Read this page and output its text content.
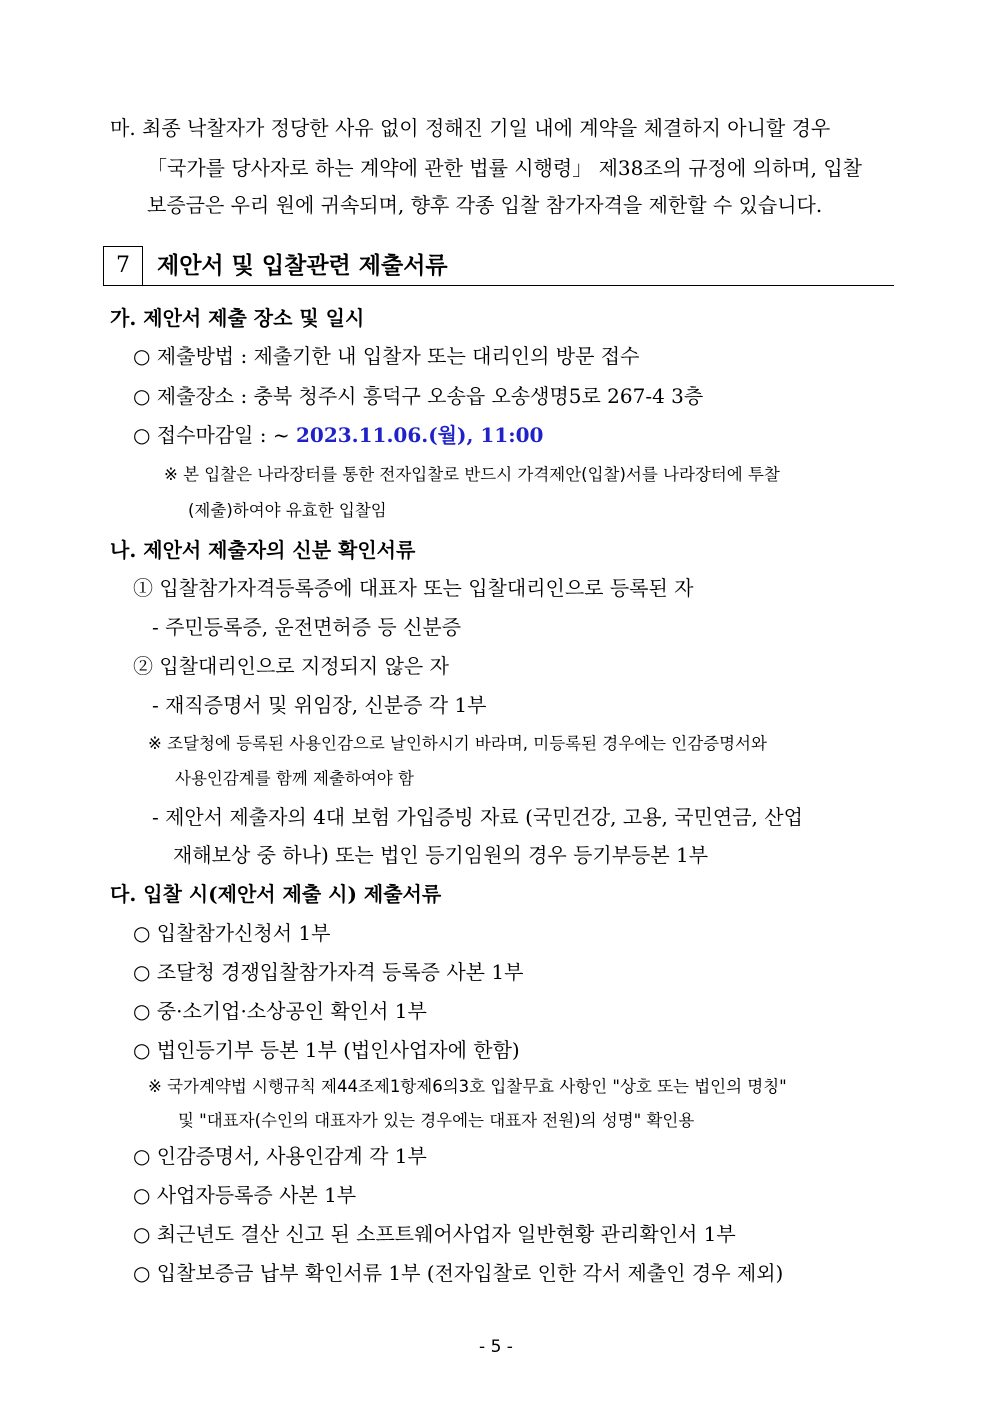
마. 최종 낙찰자가 정당한 사유 없이 정해진 기일 내에 계약을 체결하지 아니할 경우
「국가를 당사자로 하는 계약에 관한 법률 시행령」 제38조의 규정에 의하며, 입찰
보증금은 우리 원에 귀속되며, 향후 각종 입찰 참가자격을 제한할 수 있습니다.
7	제안서 및 입찰관련 제출서류
가. 제안서 제출 장소 및 일시
○ 제출방법 : 제출기한 내 입찰자 또는 대리인의 방문 접수
○ 제출장소 : 충북 청주시 흥덕구 오송읍 오송생명5로 267-4 3층
○ 접수마감일 : ~ 2023.11.06.(월), 11:00
※ 본 입찰은 나라장터를 통한 전자입찰로 반드시 가격제안(입찰)서를 나라장터에 투찰
(제출)하여야 유효한 입찰임
나. 제안서 제출자의 신분 확인서류
① 입찰참가자격등록증에 대표자 또는 입찰대리인으로 등록된 자
- 주민등록증, 운전면허증 등 신분증
② 입찰대리인으로 지정되지 않은 자
- 재직증명서 및 위임장, 신분증 각 1부
※ 조달청에 등록된 사용인감으로 날인하시기 바라며, 미등록된 경우에는 인감증명서와
사용인감계를 함께 제출하여야 함
- 제안서 제출자의 4대 보험 가입증빙 자료 (국민건강, 고용, 국민연금, 산업
재해보상 중 하나) 또는 법인 등기임원의 경우 등기부등본 1부
다. 입찰 시(제안서 제출 시) 제출서류
○ 입찰참가신청서 1부
○ 조달청 경쟁입찰참가자격 등록증 사본 1부
○ 중·소기업·소상공인 확인서 1부
○ 법인등기부 등본 1부 (법인사업자에 한함)
※ 국가계약법 시행규칙 제44조제1항제6의3호 입찰무효 사항인 "상호 또는 법인의 명칭"
및 "대표자(수인의 대표자가 있는 경우에는 대표자 전원)의 성명" 확인용
○ 인감증명서, 사용인감계 각 1부
○ 사업자등록증 사본 1부
○ 최근년도 결산 신고 된 소프트웨어사업자 일반현황 관리확인서 1부
○ 입찰보증금 납부 확인서류 1부 (전자입찰로 인한 각서 제출인 경우 제외)
- 5 -
